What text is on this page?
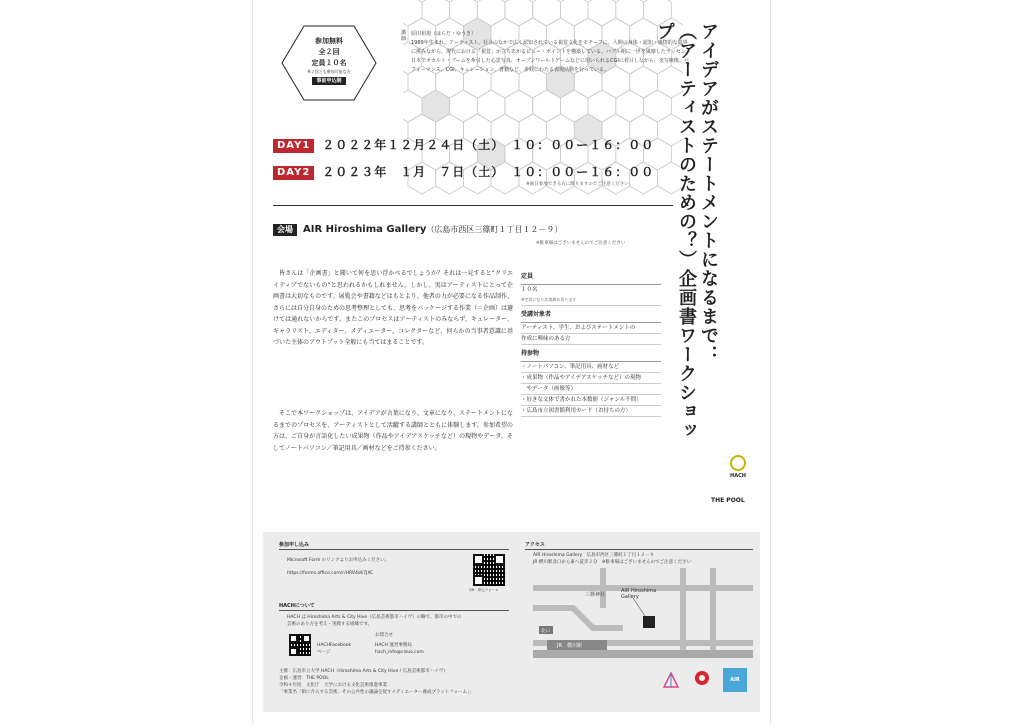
参加無料
全２回
定員１０名
※２回とも参加可能な方
事前申込制
講師
原田裕規（はらだ・ゆうき）
1989年生まれ。アーティスト。社会のなかで広く認知されている視覚文化をモチーフに、人間の身体・認知・感情的な限界に挑みながら、現代における「視覚」が立ちあがるビュー・ポイントを構築している。バブル期に一世を風靡したラッセン、日本でオカルト・ブームを牽引した心霊写真、オープンワールドゲームなどに用いられるCGIに着目しながら、実写映像、パフォーマンス、CGI、キュレーション、著籍など、多岐にわたる表現活動を行っている。
DAY1 ２０２２年１２月２４日（土）　１０：００ー１６：００
DAY2 ２０２３年　１月　７日（土）　１０：００ー１６：００
※両日参加できる方に限りますのでご注意ください
会場 AIR Hiroshima Gallery（広島市西区三篠町１丁目１２－９）
※駐車場はございませんのでご注意ください
皆さんは「企画書」と聞いて何を思い浮かべるでしょうか？それは一見すると“クリエイティブでないもの”と思われるかもしれません。しかし、実はアーティストにとって企画書は大切なものです。展覧会や書籍などはもとより、他者の力が必要になる作品制作、さらには自分自身のための思考整理としても、思考をパッケージする作業（＝企画）は避けては通れないからです。またこのプロセスはアーティストのみならず、キュレーター、ギャラリスト、エディター、メディエーター、コレクターなど、何らかの当事者意識に基づいた主体のアウトプット全般にも当てはまることです。
そこで本ワークショップは、アイデアが言葉になり、文章になり、ステートメントになるまでのプロセスを、アーティストとして活躍する講師とともに体験します。参加希望の方は、ご自身が言語化したい成果物（作品やアイデアスケッチなど）の現物やデータ、そしてノートパソコン／筆記用具／画材などをご持参ください。
定員
１０名
※定員になり次第締め切ります
受講対象者
アーティスト、学生、およびステートメントの
作成に興味のある方
持参物
・ノートパソコン、筆記用具、画材など
・成果物（作品やアイデアスケッチなど）の現物
　やデータ（画像等）
・好きな文体で書かれた本数冊（ジャンル不問）
・広島市立図書館利用カード（お持ちの方）
アイデアがステートメントになるまで：
（アーティストのための？）企画書ワークショップ
HACH
THE POOL
参加申し込み
Microsoft Form のリンクよりお申込みください。
https://forms.office.com/r/HRV4sK7JXC
QR：申込フォーム
HACHについて
HACH は Hiroshima Arts & City Hive（広島芸術都市ハイヴ）の略で、都市の中での
芸術のあり方を考え・実践する組織です。
HACHFacebook
ページ
お問合せ
HACH 運営事務局
hach_info@cisuo.com
主催：広島市立大学 HACH（Hiroshima Arts & City Hive / 広島芸術都市ハイヴ）
企画・運営：THE POOL
令和４年度　文化庁　大学における文化芸術推進事業
「事業名「街に介入する芸術、その公共性の議論を促すメディエーター養成プラットフォーム」」
アクセス
AIR Hiroshima Gallery　広島市西区三篠町１丁目１２－９
JR 横川駅北口から東へ徒歩２分　※駐車場はございませんのでご注意ください
三篠神社
AIR Hiroshima
Gallery
北口
JR　横川駅
AIR
